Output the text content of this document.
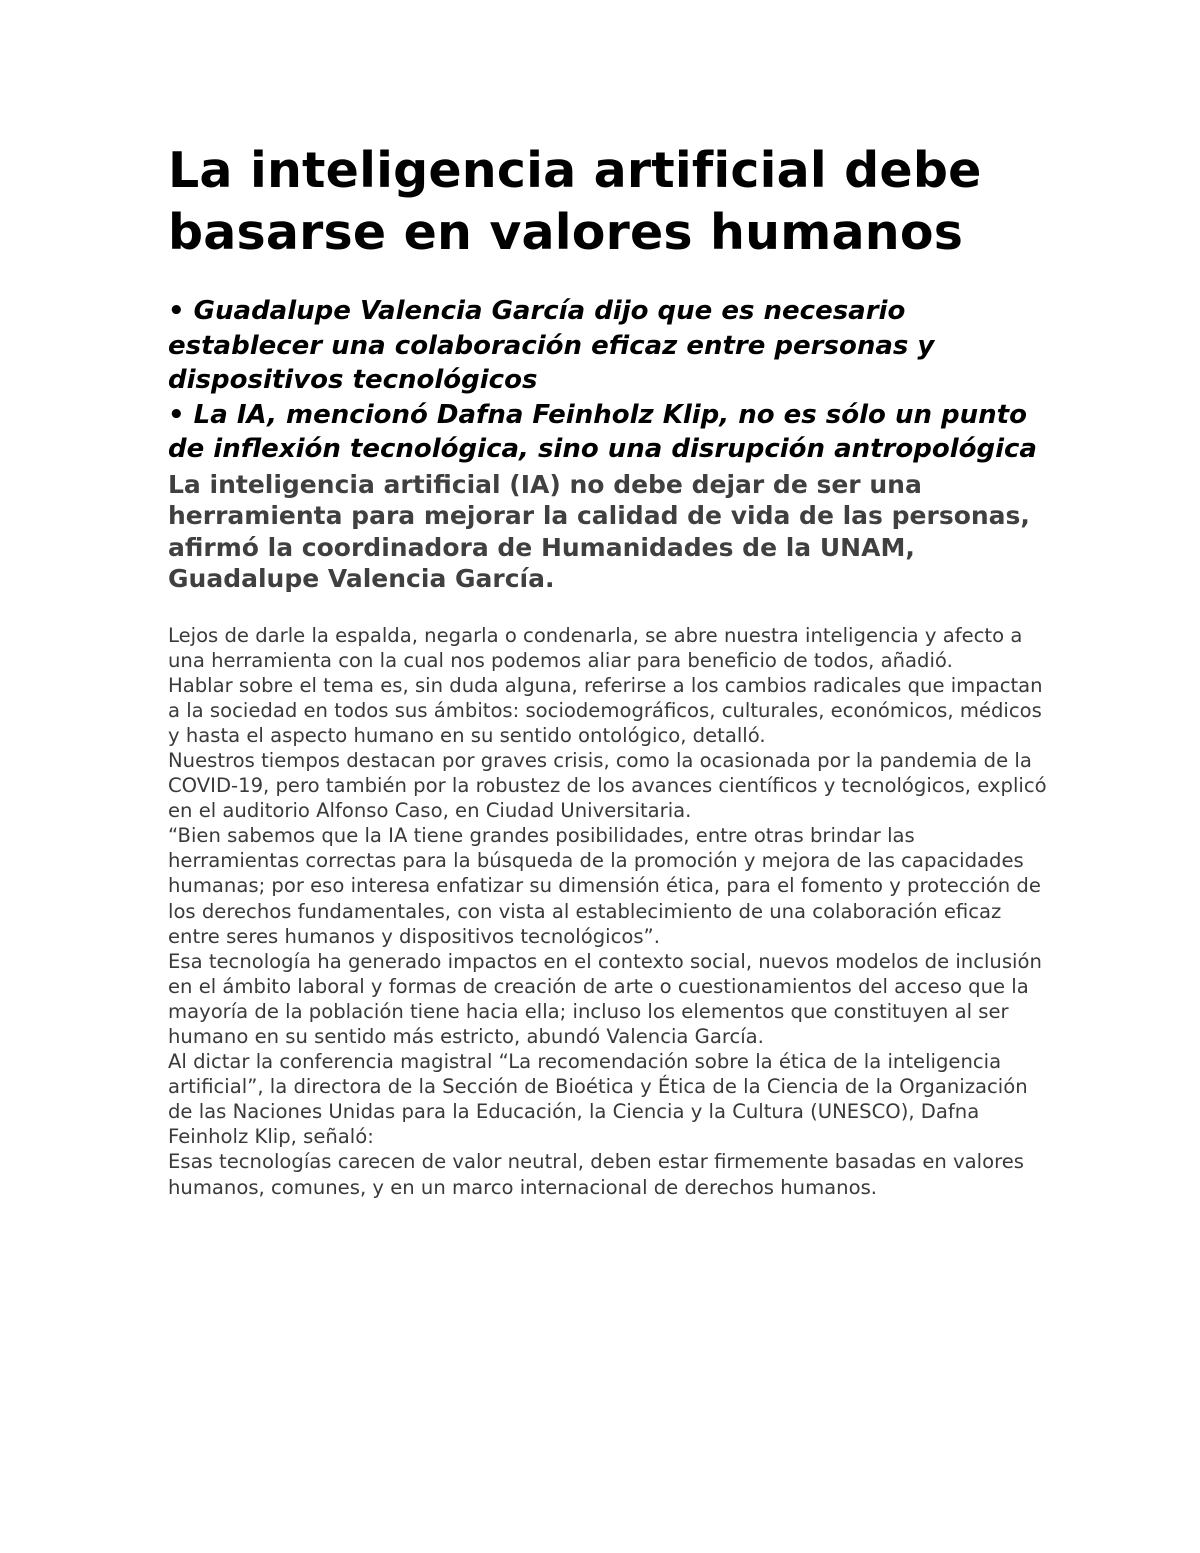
La inteligencia artificial debe basarse en valores humanos

• Guadalupe Valencia García dijo que es necesario establecer una colaboración eficaz entre personas y dispositivos tecnológicos

• La IA, mencionó Dafna Feinholz Klip, no es sólo un punto de inflexión tecnológica, sino una disrupción antropológica

La inteligencia artificial (IA) no debe dejar de ser una herramienta para mejorar la calidad de vida de las personas, afirmó la coordinadora de Humanidades de la UNAM, Guadalupe Valencia García.

Lejos de darle la espalda, negarla o condenarla, se abre nuestra inteligencia y afecto a una herramienta con la cual nos podemos aliar para beneficio de todos, añadió.

Hablar sobre el tema es, sin duda alguna, referirse a los cambios radicales que impactan a la sociedad en todos sus ámbitos: sociodemográficos, culturales, económicos, médicos y hasta el aspecto humano en su sentido ontológico, detalló.

Nuestros tiempos destacan por graves crisis, como la ocasionada por la pandemia de la COVID-19, pero también por la robustez de los avances científicos y tecnológicos, explicó en el auditorio Alfonso Caso, en Ciudad Universitaria.

“Bien sabemos que la IA tiene grandes posibilidades, entre otras brindar las herramientas correctas para la búsqueda de la promoción y mejora de las capacidades humanas; por eso interesa enfatizar su dimensión ética, para el fomento y protección de los derechos fundamentales, con vista al establecimiento de una colaboración eficaz entre seres humanos y dispositivos tecnológicos”.

Esa tecnología ha generado impactos en el contexto social, nuevos modelos de inclusión en el ámbito laboral y formas de creación de arte o cuestionamientos del acceso que la mayoría de la población tiene hacia ella; incluso los elementos que constituyen al ser humano en su sentido más estricto, abundó Valencia García.

Al dictar la conferencia magistral “La recomendación sobre la ética de la inteligencia artificial”, la directora de la Sección de Bioética y Ética de la Ciencia de la Organización de las Naciones Unidas para la Educación, la Ciencia y la Cultura (UNESCO), Dafna Feinholz Klip, señaló:

Esas tecnologías carecen de valor neutral, deben estar firmemente basadas en valores humanos, comunes, y en un marco internacional de derechos humanos.
